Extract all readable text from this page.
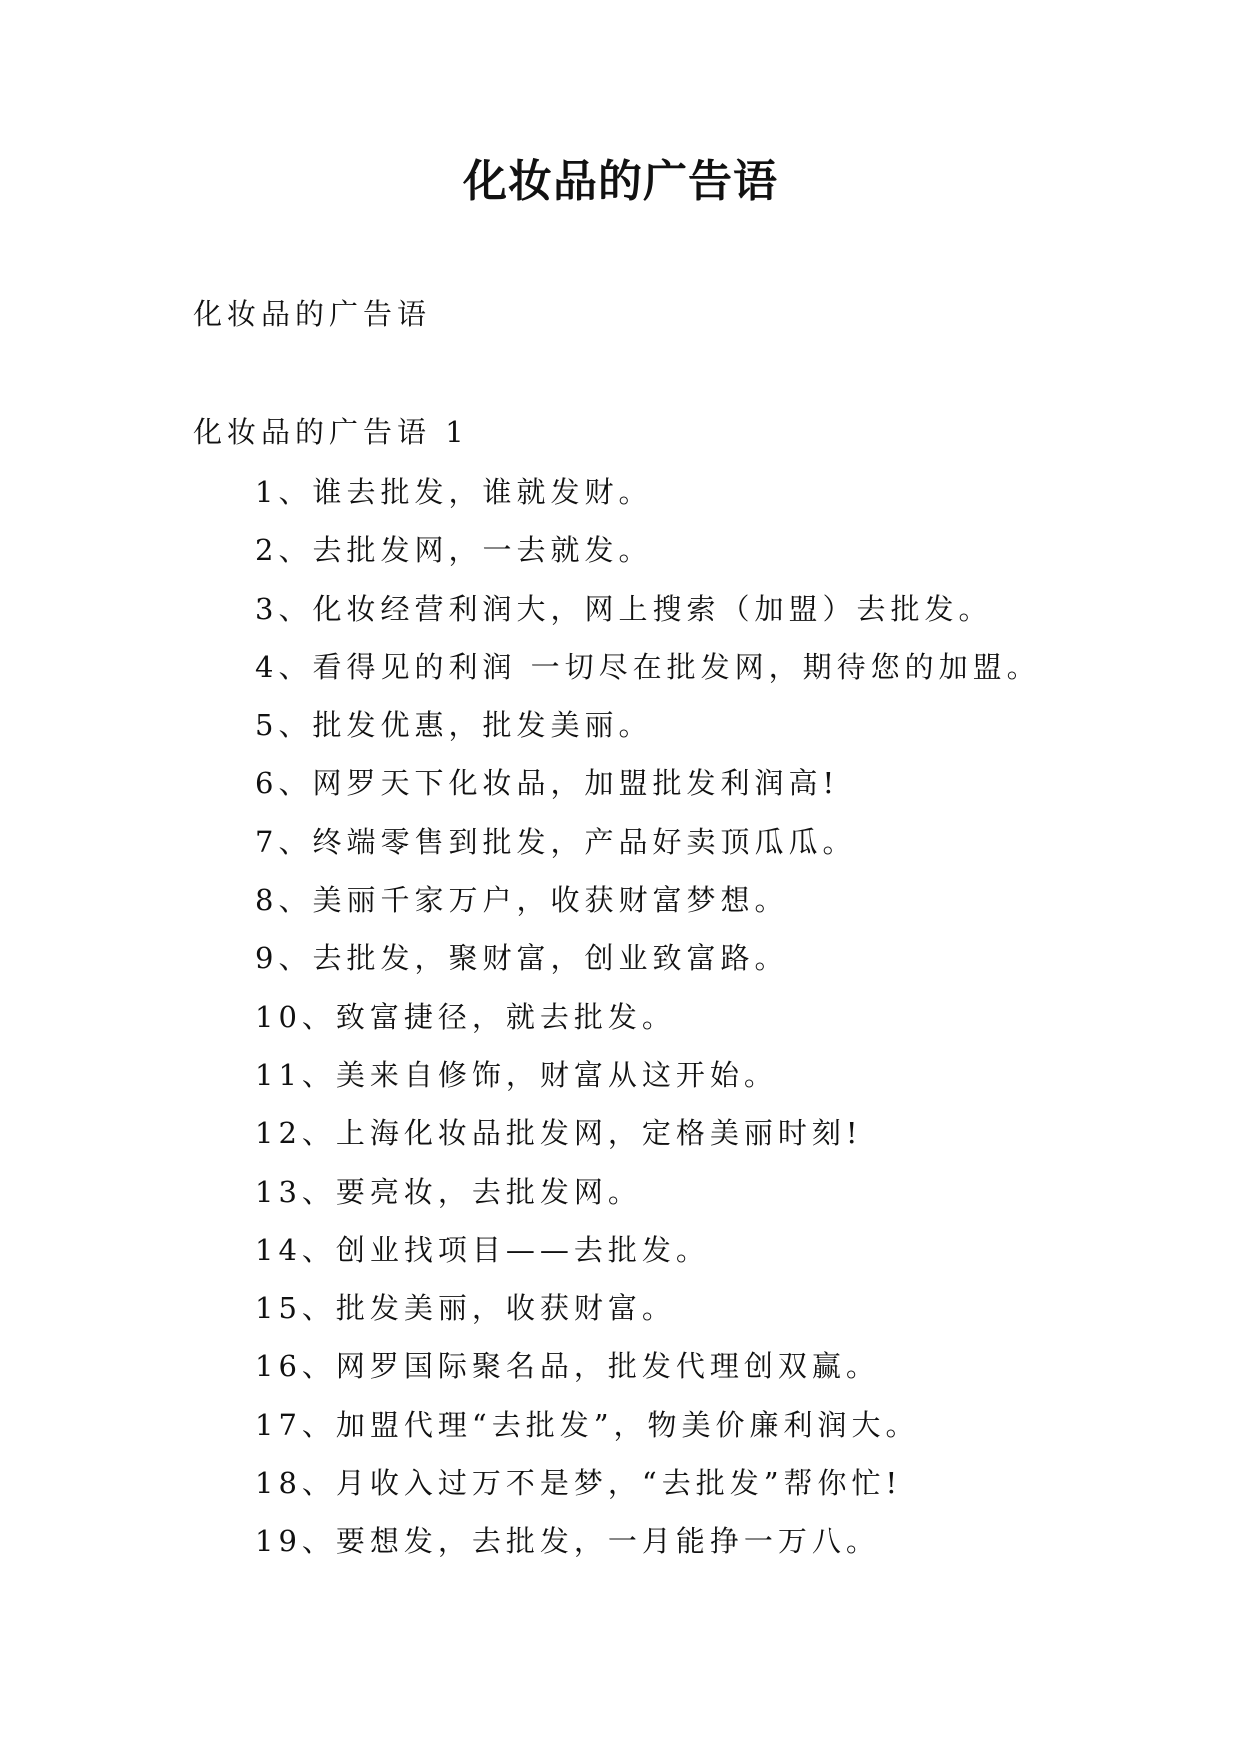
化妆品的广告语

化妆品的广告语

化妆品的广告语 1

1、谁去批发，谁就发财。
2、去批发网，一去就发。
3、化妆经营利润大，网上搜索（加盟）去批发。
4、看得见的利润 一切尽在批发网，期待您的加盟。
5、批发优惠，批发美丽。
6、网罗天下化妆品，加盟批发利润高!
7、终端零售到批发，产品好卖顶瓜瓜。
8、美丽千家万户，收获财富梦想。
9、去批发，聚财富，创业致富路。
10、致富捷径，就去批发。
11、美来自修饰，财富从这开始。
12、上海化妆品批发网，定格美丽时刻!
13、要亮妆，去批发网。
14、创业找项目——去批发。
15、批发美丽，收获财富。
16、网罗国际聚名品，批发代理创双赢。
17、加盟代理“去批发”，物美价廉利润大。
18、月收入过万不是梦，“去批发”帮你忙!
19、要想发，去批发，一月能挣一万八。
